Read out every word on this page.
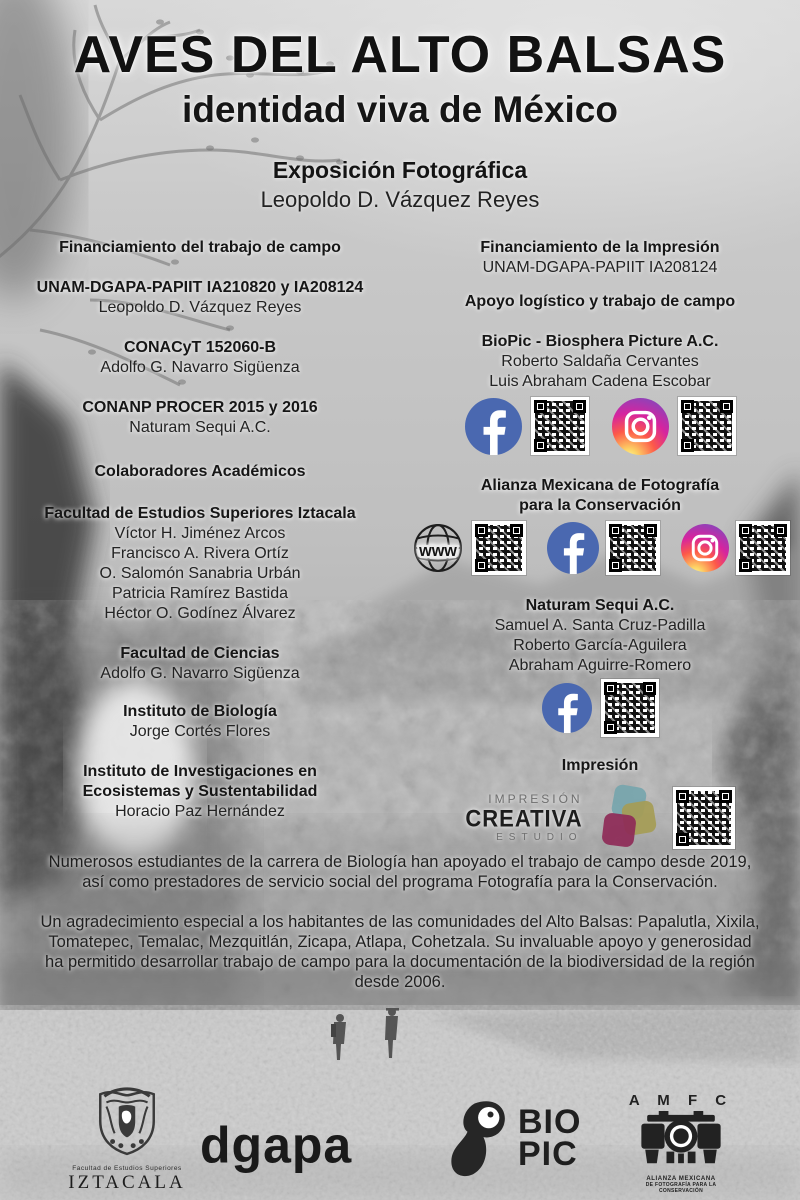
AVES DEL ALTO BALSAS
identidad viva de México
Exposición Fotográfica
Leopoldo D. Vázquez Reyes
Financiamiento del trabajo de campo
UNAM-DGAPA-PAPIIT IA210820 y IA208124
Leopoldo D. Vázquez Reyes
CONACyT 152060-B
Adolfo G. Navarro Sigüenza
CONANP PROCER 2015 y 2016
Naturam Sequi A.C.
Colaboradores Académicos
Facultad de Estudios Superiores Iztacala
Víctor H. Jiménez Arcos
Francisco A. Rivera Ortíz
O. Salomón Sanabria Urbán
Patricia Ramírez Bastida
Héctor O. Godínez Álvarez
Facultad de Ciencias
Adolfo G. Navarro Sigüenza
Instituto de Biología
Jorge Cortés Flores
Instituto de Investigaciones en
Ecosistemas y Sustentabilidad
Horacio Paz Hernández
Financiamiento de la Impresión
UNAM-DGAPA-PAPIIT IA208124
Apoyo logístico y trabajo de campo
BioPic - Biosphera Picture A.C.
Roberto Saldaña Cervantes
Luis Abraham Cadena Escobar
Alianza Mexicana de Fotografía
para la Conservación
www
Naturam Sequi A.C.
Samuel A. Santa Cruz-Padilla
Roberto García-Aguilera
Abraham Aguirre-Romero
Impresión
IMPRESIÓN
CREATIVA
ESTUDIO

Numerosos estudiantes de la carrera de Biología han apoyado el trabajo de campo desde 2019, así como prestadores de servicio social del programa Fotografía para la Conservación.

Un agradecimiento especial a los habitantes de las comunidades del Alto Balsas: Papalutla, Xixila, Tomatepec, Temalac, Mezquitlán, Zicapa, Atlapa, Cohetzala. Su invaluable apoyo y generosidad ha permitido desarrollar trabajo de campo para la documentación de la biodiversidad de la región desde 2006.

Facultad de Estudios Superiores
IZTACALA
dgapa	BIO
PIC
A M F C
ALIANZA MEXICANA
DE FOTOGRAFÍA PARA LA CONSERVACIÓN
